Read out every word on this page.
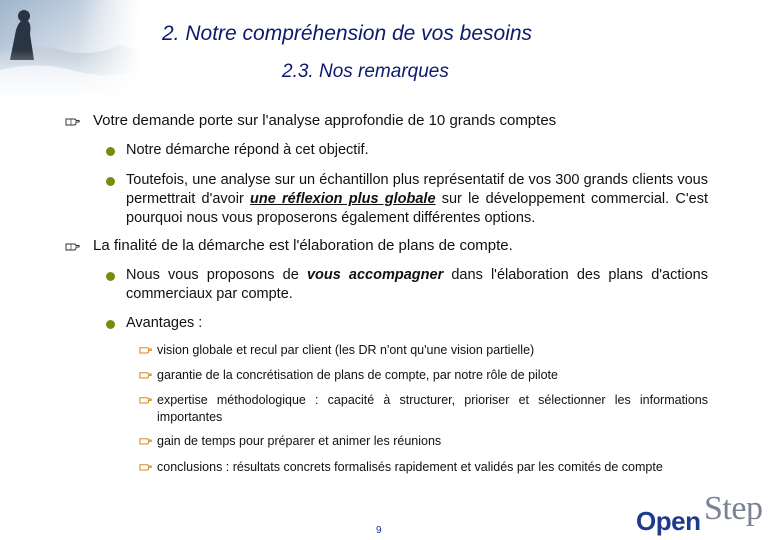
2. Notre compréhension de vos besoins
2.3. Nos remarques
Votre demande porte sur l'analyse approfondie de 10 grands comptes
Notre démarche répond à cet objectif.
Toutefois, une analyse sur un échantillon plus représentatif de vos 300 grands clients vous permettrait d'avoir une réflexion plus globale sur le développement commercial. C'est pourquoi nous vous proposerons également différentes options.
La finalité de la démarche est l'élaboration de plans de compte.
Nous vous proposons de vous accompagner dans l'élaboration des plans d'actions commerciaux par compte.
Avantages :
vision globale et recul par client (les DR n'ont qu'une vision partielle)
garantie de la concrétisation de plans de compte, par notre rôle de pilote
expertise méthodologique : capacité à structurer, prioriser et sélectionner les informations importantes
gain de temps pour préparer et animer les réunions
conclusions : résultats concrets formalisés rapidement et validés par les comités de compte
9	Open Step
